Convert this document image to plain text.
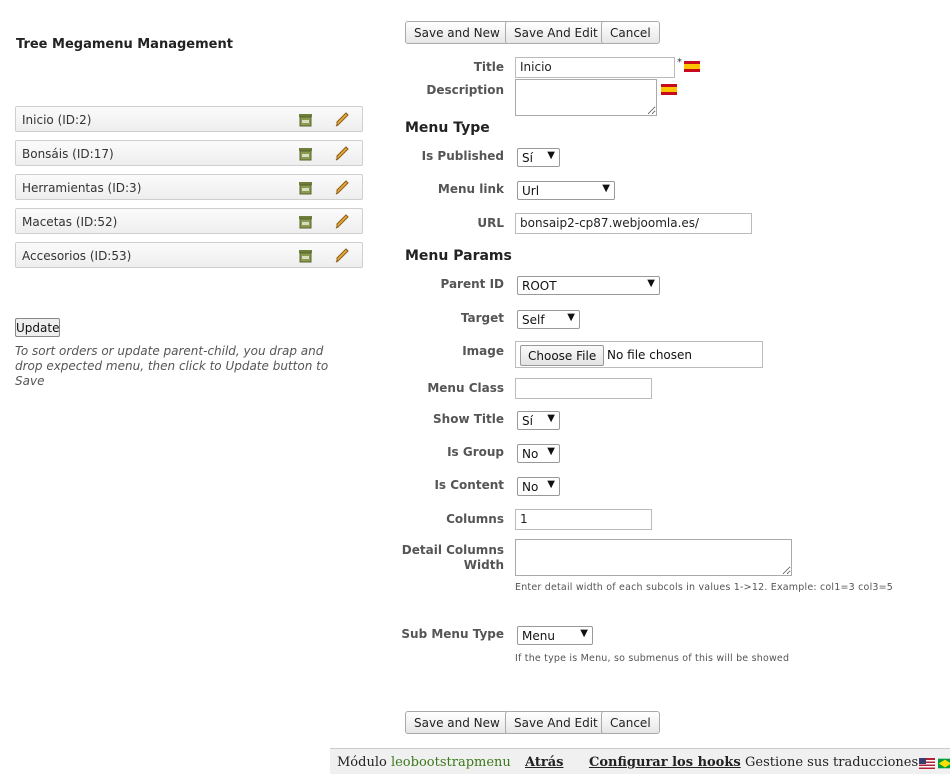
Tree Megamenu Management
Inicio (ID:2)
Bonsáis (ID:17)
Herramientas (ID:3)
Macetas (ID:52)
Accesorios (ID:53)
Update
To sort orders or update parent-child, you drap and drop expected menu, then click to Update button to Save
Save and New	Save And Edit	Cancel
Title	Inicio	*
Description
Menu Type
Is Published Sí ▼
Menu link Url	▼
URL	bonsaip2-cp87.webjoomla.es/
Menu Params
Parent ID ROOT	▼
Target Self ▼
Image	Choose File No file chosen
Menu Class
Show Title Sí ▼
Is Group No ▼
Is Content No ▼
Columns	1
Detail Columns
Width
Enter detail width of each subcols in values 1->12. Example: col1=3 col3=5
Sub Menu Type Menu	▼
If the type is Menu, so submenus of this will be showed
Save and New	Save And Edit	Cancel
Módulo leobootstrapmenu Atrás Configurar los hooks Gestione sus traducciones
